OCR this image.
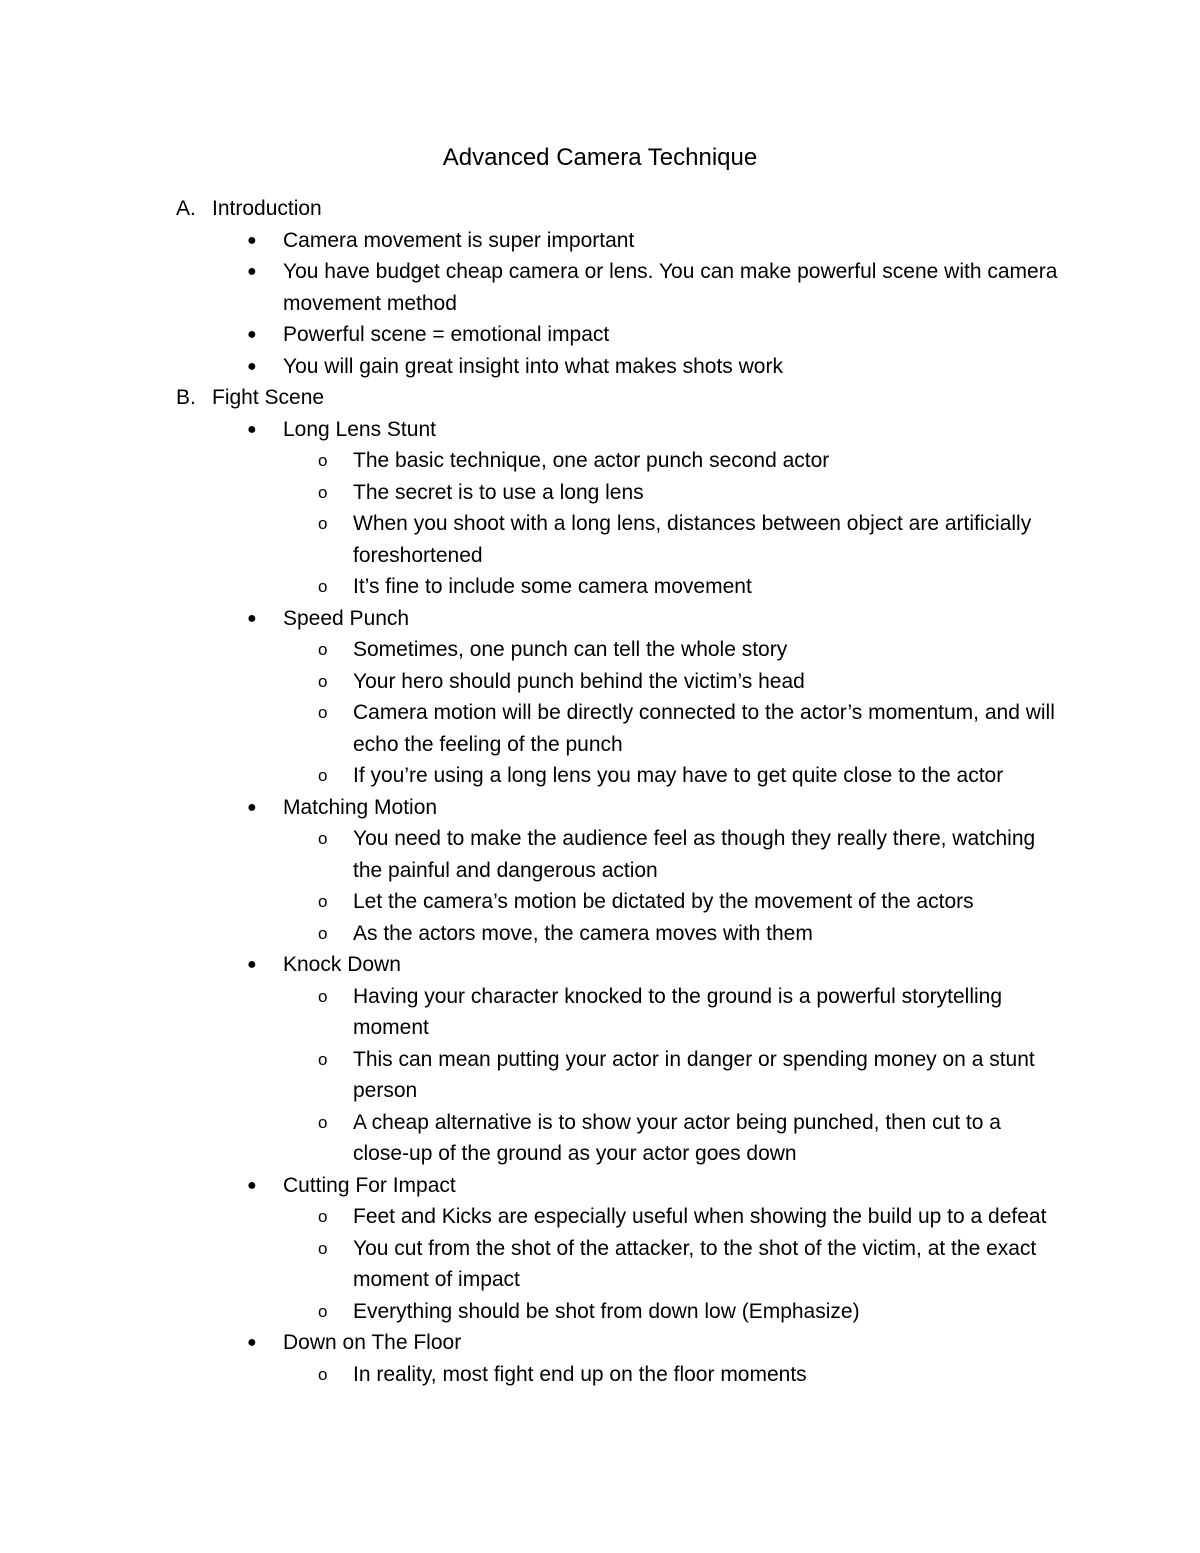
Advanced Camera Technique
A. Introduction
● Camera movement is super important
● You have budget cheap camera or lens. You can make powerful scene with camera movement method
● Powerful scene = emotional impact
● You will gain great insight into what makes shots work
B. Fight Scene
● Long Lens Stunt
o The basic technique, one actor punch second actor
o The secret is to use a long lens
o When you shoot with a long lens, distances between object are artificially foreshortened
o It’s fine to include some camera movement
● Speed Punch
o Sometimes, one punch can tell the whole story
o Your hero should punch behind the victim’s head
o Camera motion will be directly connected to the actor’s momentum, and will echo the feeling of the punch
o If you’re using a long lens you may have to get quite close to the actor
● Matching Motion
o You need to make the audience feel as though they really there, watching the painful and dangerous action
o Let the camera’s motion be dictated by the movement of the actors
o As the actors move, the camera moves with them
● Knock Down
o Having your character knocked to the ground is a powerful storytelling moment
o This can mean putting your actor in danger or spending money on a stunt person
o A cheap alternative is to show your actor being punched, then cut to a close-up of the ground as your actor goes down
● Cutting For Impact
o Feet and Kicks are especially useful when showing the build up to a defeat
o You cut from the shot of the attacker, to the shot of the victim, at the exact moment of impact
o Everything should be shot from down low (Emphasize)
● Down on The Floor
o In reality, most fight end up on the floor moments
